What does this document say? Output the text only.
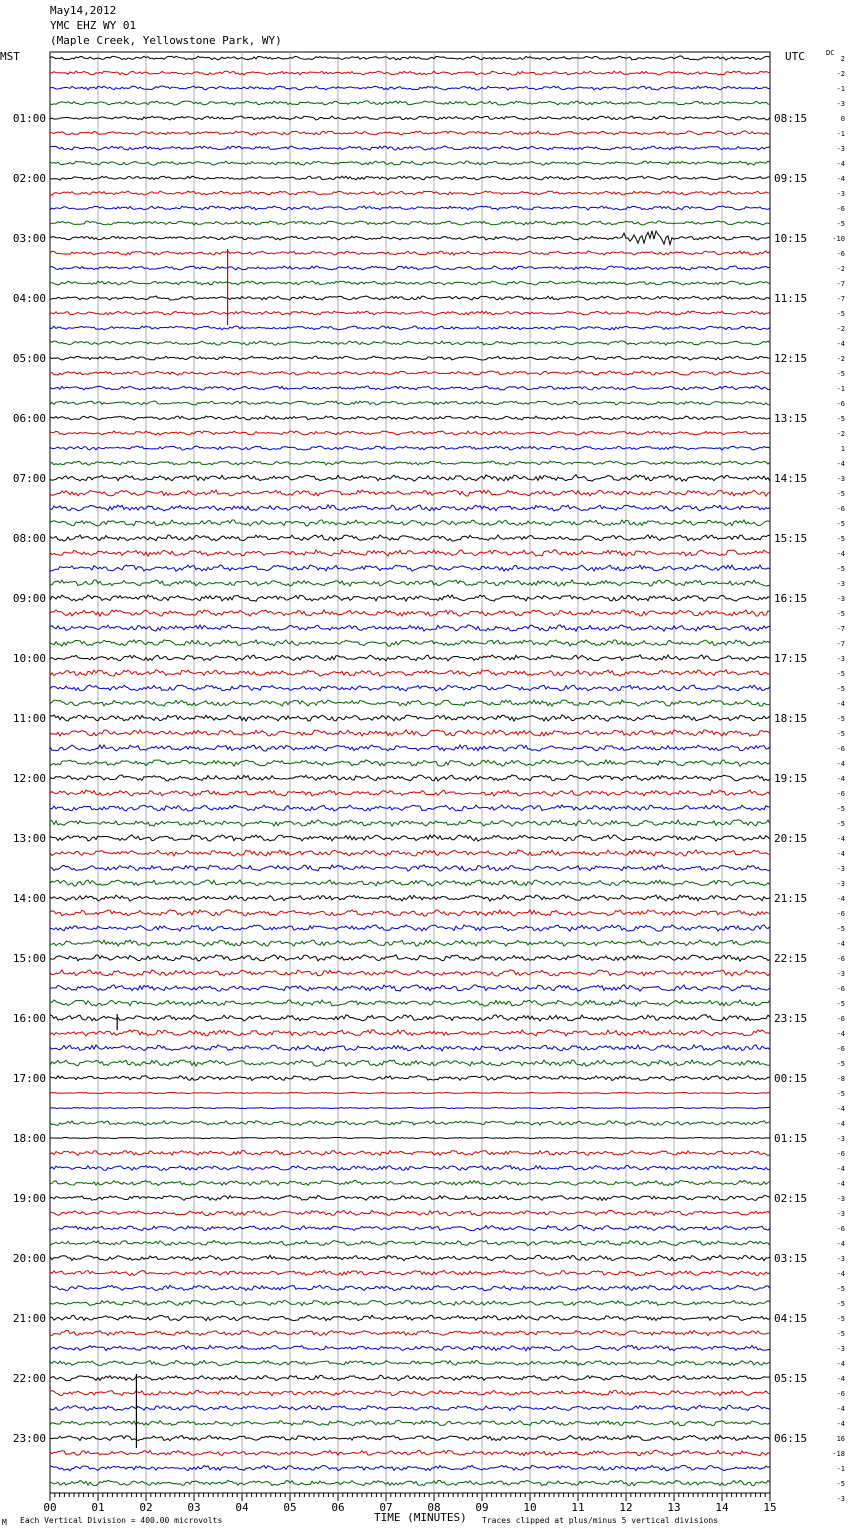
May14,2012
YMC EHZ WY 01
(Maple Creek, Yellowstone Park, WY)
MST	UTC	DC
01:00
02:00
03:00
04:00
05:00
06:00
07:00
08:00
09:00
10:00
11:00
12:00
13:00
14:00
15:00
16:00
17:00
18:00
19:00
20:00
21:00
22:00
23:00
08:15
09:15
10:15
11:15
12:15
13:15
14:15
15:15
16:15
17:15
18:15
19:15
20:15
21:15
22:15
23:15
00:15
01:15
02:15
03:15
04:15
05:15
06:15
2
-2
-1
-3
0
-1
-3
-4
-4
-3
-6
-5
-10
-6
-2
-7
-7
-5
-2
-4
-2
-5
-1
-6
-5
-2
1
-4
-3
-5
-6
-5
-5
-4
-5
-3
-3
-5
-7
-7
-3
-5
-5
-4
-5
-5
-6
-4
-4
-6
-5
-5
-4
-4
-3
-3
-4
-6
-5
-4
-6
-3
-6
-5
-6
-4
-6
-5
-8
-5
-4
-4
-3
-6
-4
-4
-3
-3
-6
-4
-3
-4
-5
-5
-5
-5
-3
-4
-4
-6
-4
-4
16
-18
-1
-5
-3
00	01	02	03	04	05	06	07	08	09	10	11	12	13	14	15
TIME (MINUTES)
M Each Vertical Division = 400.00 microvolts	Traces clipped at plus/minus 5 vertical divisions
